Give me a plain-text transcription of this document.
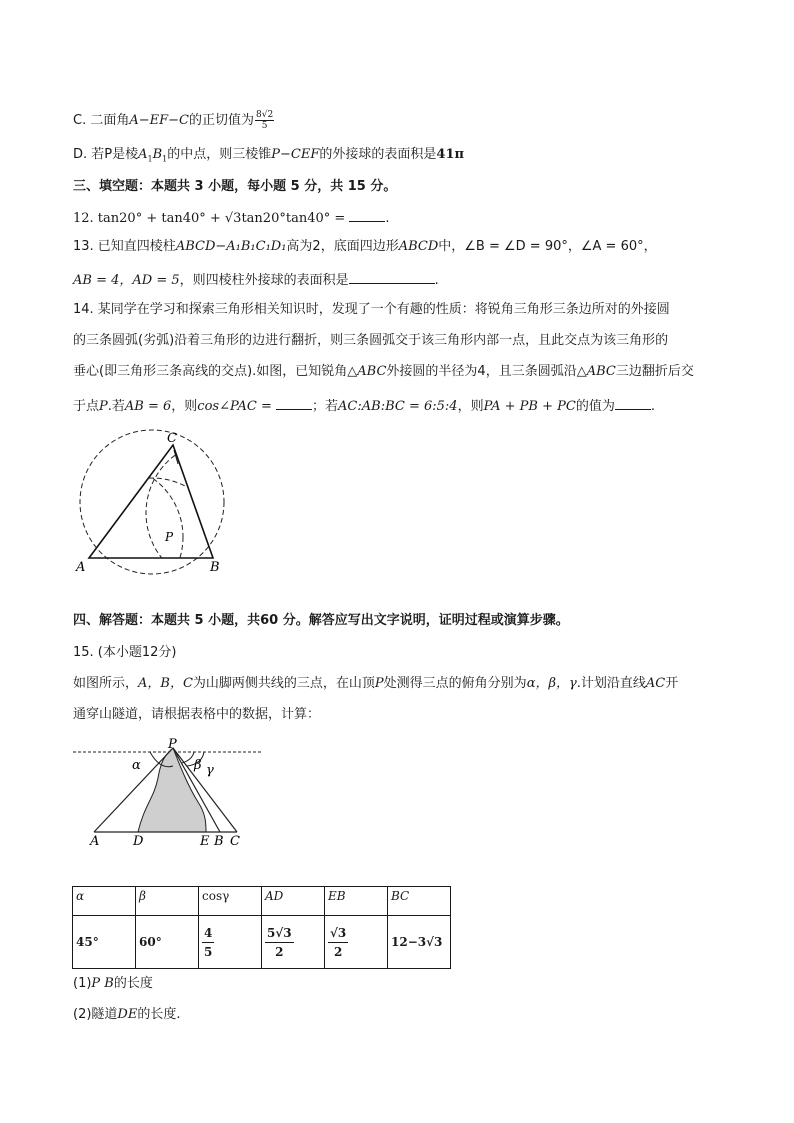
C. 二面角A−EF−C的正切值为 $\frac{8√2}{5}$
D. 若P是棱$A_1B_1$的中点，则三棱锥P−CEF的外接球的表面积是41π
三、填空题：本题共 3 小题，每小题 5 分，共 15 分。
12. tan20° + tan40° + √3tan20°tan40° =	.
13. 已知直四棱柱ABCD−A₁B₁C₁D₁高为2，底面四边形ABCD中，∠B = ∠D = 90°，∠A = 60°，
AB = 4，AD = 5，则四棱柱外接球的表面积是	.
14. 某同学在学习和探索三角形相关知识时，发现了一个有趣的性质：将锐角三角形三条边所对的外接圆
的三条圆弧(劣弧)沿着三角形的边进行翻折，则三条圆弧交于该三角形内部一点，且此交点为该三角形的
垂心(即三角形三条高线的交点).如图，已知锐角△ABC外接圆的半径为4，且三条圆弧沿△ABC三边翻折后交
于点P.若AB = 6，则cos∠PAC =	；若AC:AB:BC = 6:5:4，则PA + PB + PC的值为	.
C
P
A	B
四、解答题：本题共 5 小题，共60 分。解答应写出文字说明，证明过程或演算步骤。
15. (本小题12分)
如图所示，A，B，C为山脚两侧共线的三点，在山顶P处测得三点的俯角分别为α，β，γ.计划沿直线AC开
通穿山隧道，请根据表格中的数据，计算：
P
α	β γ
A	D	E B C
α	β	cosγ	AD	EB	BC
45°	60°	$\frac{4}{5}$	$\frac{5√3}{2}$	$\frac{√3}{2}$	12−3√3
(1)P B的长度
(2)隧道DE的长度.
